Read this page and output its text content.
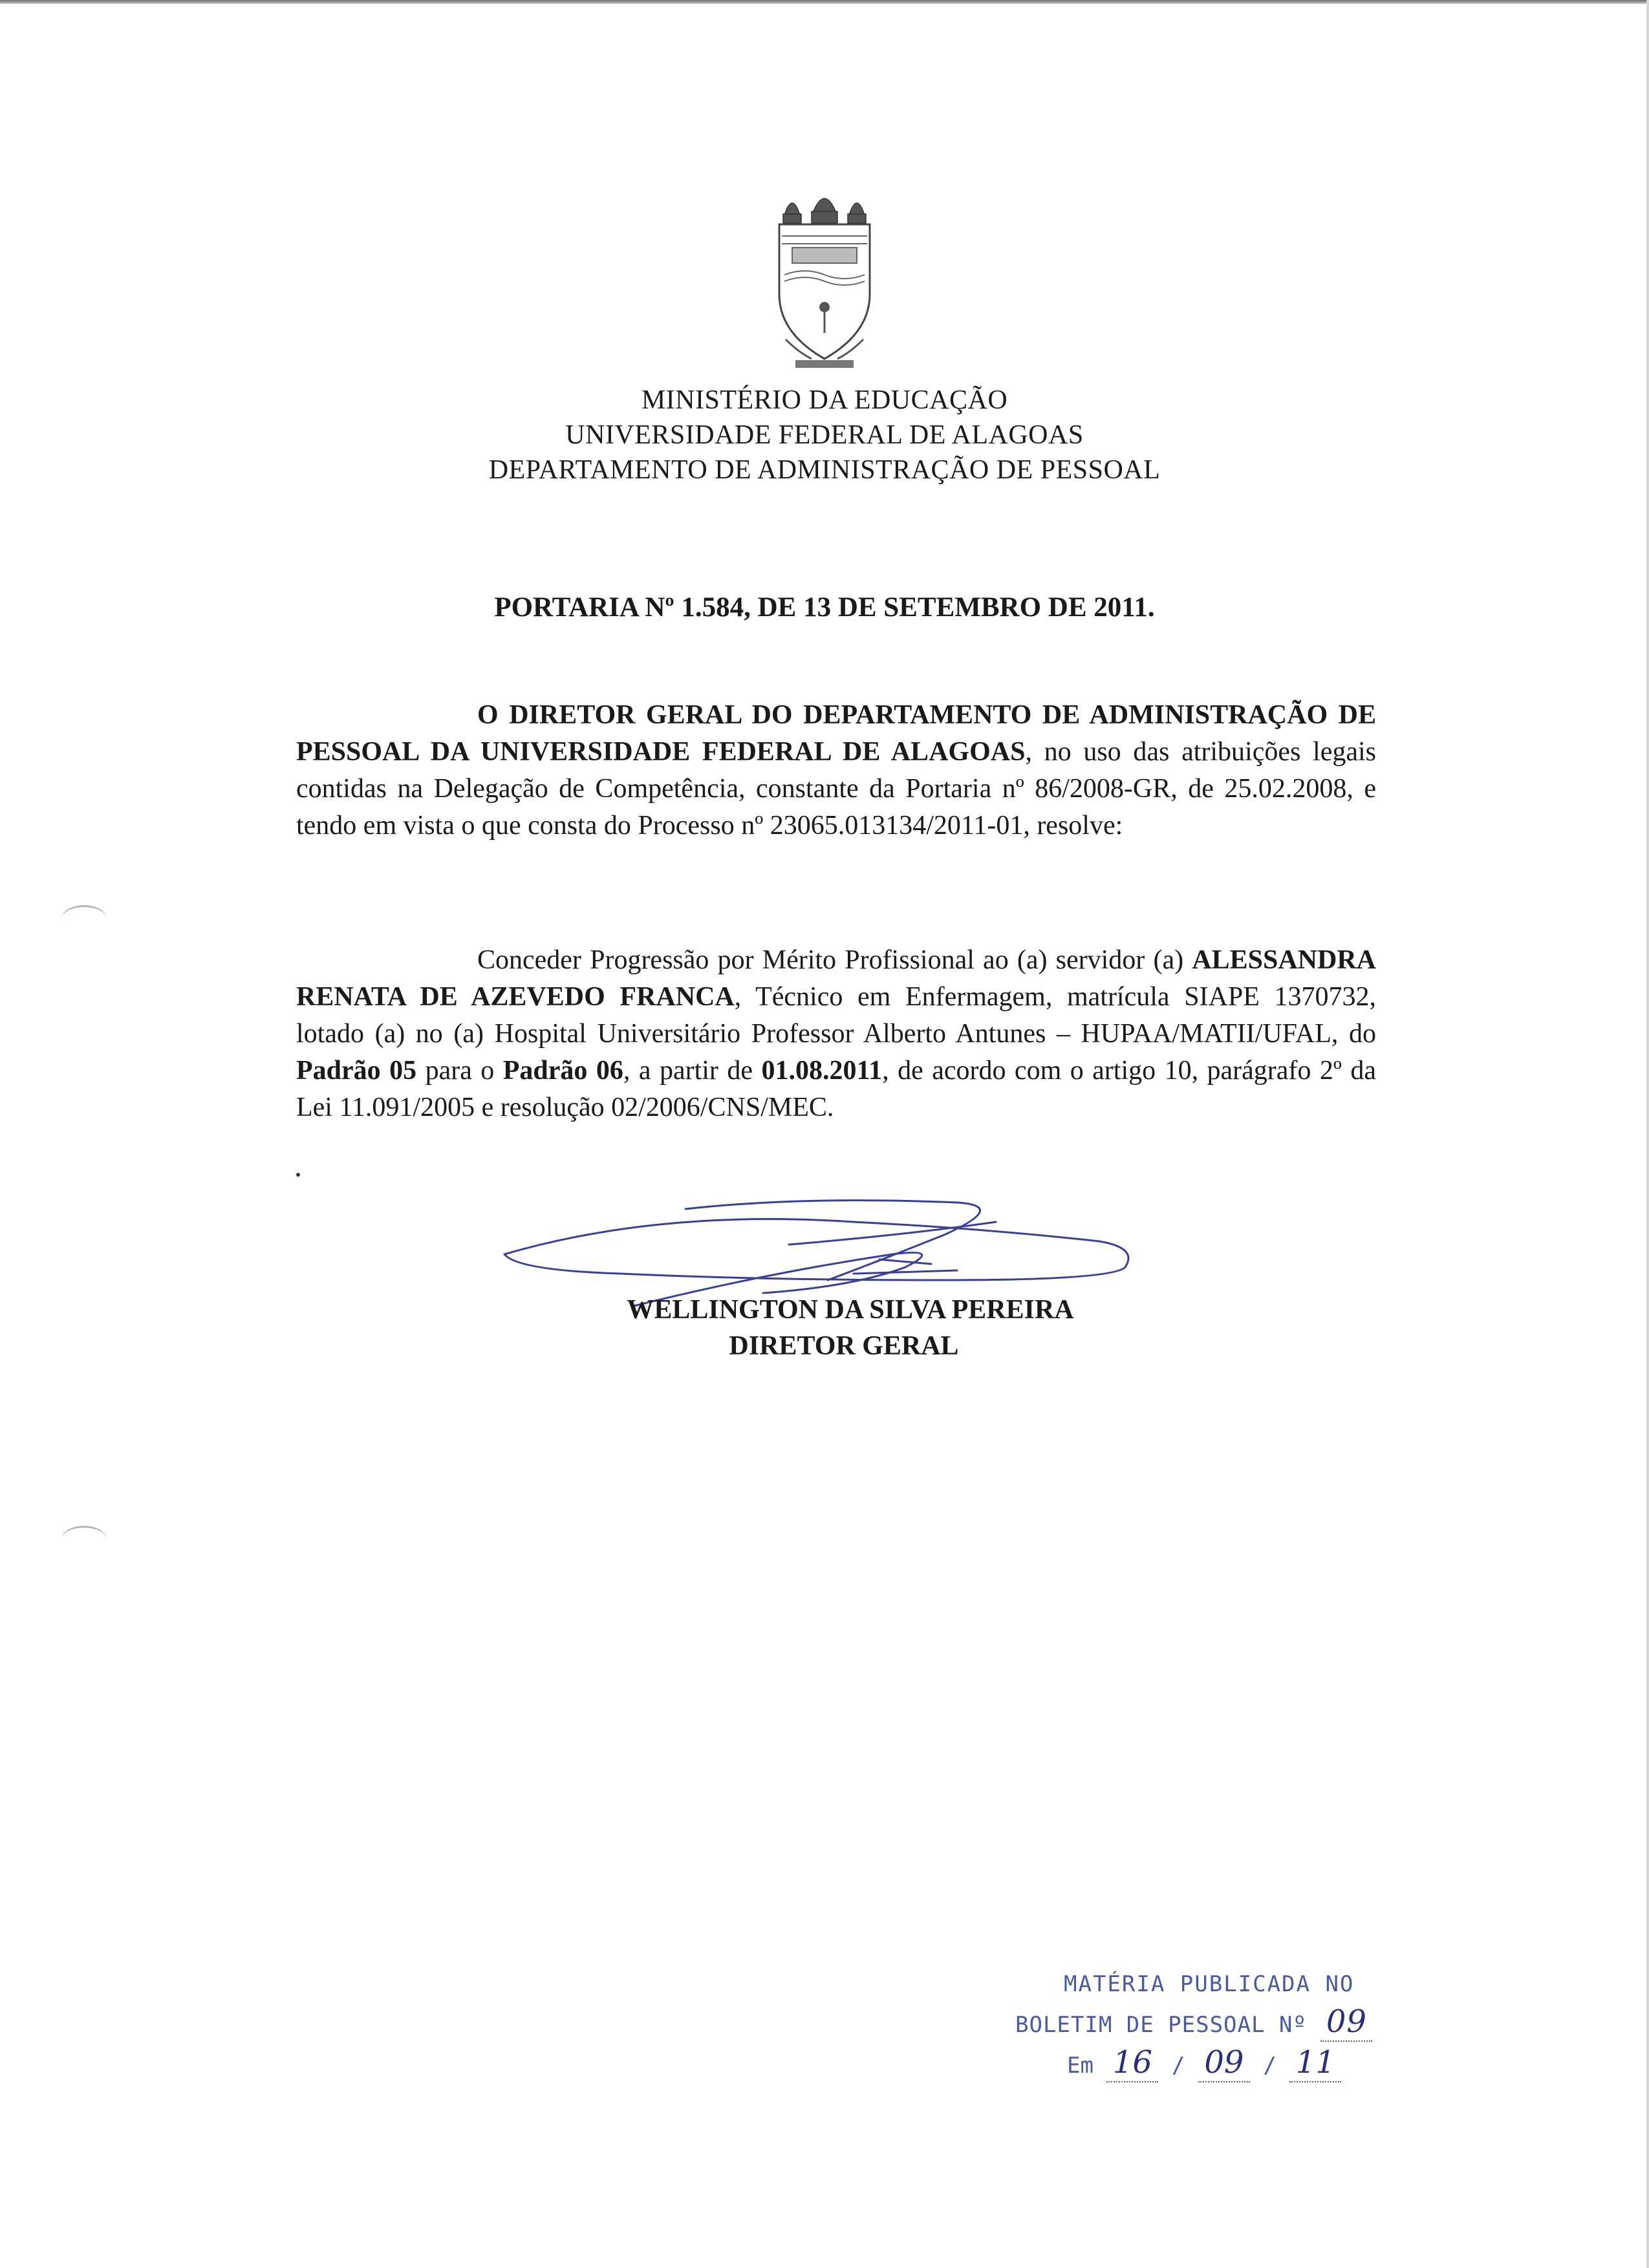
MINISTÉRIO DA EDUCAÇÃO
UNIVERSIDADE FEDERAL DE ALAGOAS
DEPARTAMENTO DE ADMINISTRAÇÃO DE PESSOAL
PORTARIA Nº 1.584, DE 13 DE SETEMBRO DE 2011.
O DIRETOR GERAL DO DEPARTAMENTO DE ADMINISTRAÇÃO DE PESSOAL DA UNIVERSIDADE FEDERAL DE ALAGOAS, no uso das atribuições legais contidas na Delegação de Competência, constante da Portaria nº 86/2008-GR, de 25.02.2008, e tendo em vista o que consta do Processo nº 23065.013134/2011-01, resolve:
Conceder Progressão por Mérito Profissional ao (a) servidor (a) ALESSANDRA RENATA DE AZEVEDO FRANCA, Técnico em Enfermagem, matrícula SIAPE 1370732, lotado (a) no (a) Hospital Universitário Professor Alberto Antunes – HUPAA/MATII/UFAL, do Padrão 05 para o Padrão 06, a partir de 01.08.2011, de acordo com o artigo 10, parágrafo 2º da Lei 11.091/2005 e resolução 02/2006/CNS/MEC.
WELLINGTON DA SILVA PEREIRA
DIRETOR GERAL
MATÉRIA PUBLICADA NO
BOLETIM DE PESSOAL Nº 09
Em 16 / 09 / 11
